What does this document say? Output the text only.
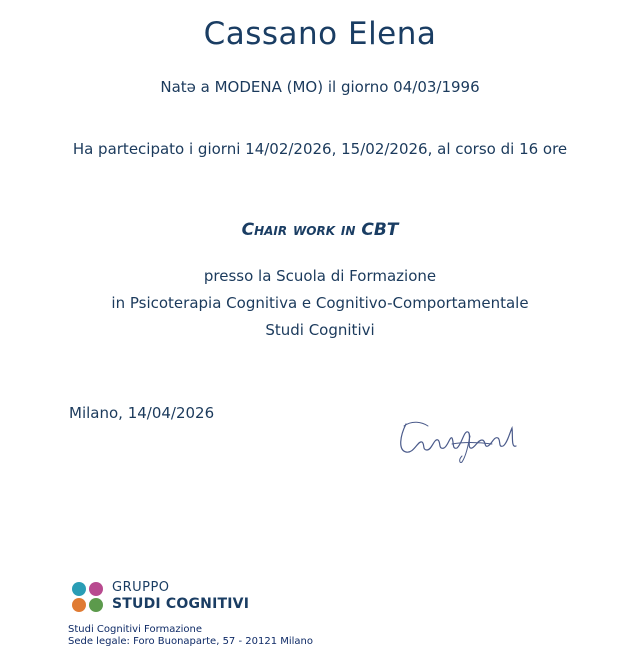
Cassano Elena
Natə a MODENA (MO) il giorno 04/03/1996
Ha partecipato i giorni 14/02/2026, 15/02/2026, al corso di 16 ore
Chair work in CBT
presso la Scuola di Formazione
in Psicoterapia Cognitiva e Cognitivo-Comportamentale
Studi Cognitivi
Milano, 14/04/2026
GRUPPO
STUDI COGNITIVI
Studi Cognitivi Formazione
Sede legale: Foro Buonaparte, 57 - 20121 Milano
